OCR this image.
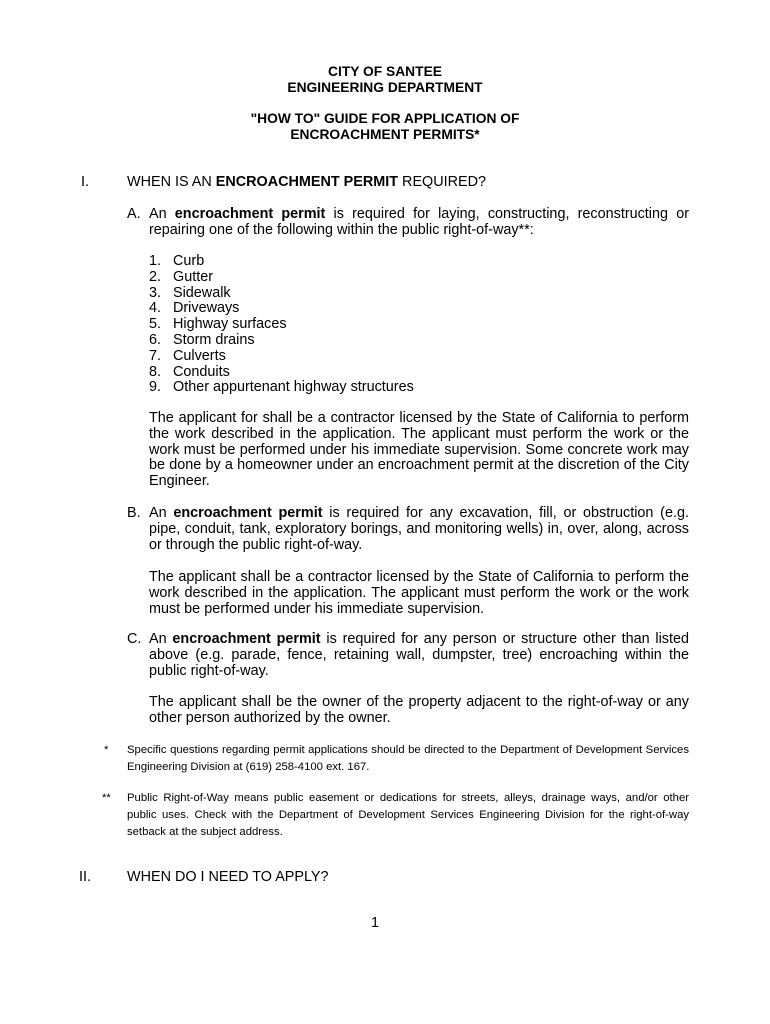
CITY OF SANTEE
ENGINEERING DEPARTMENT
"HOW TO" GUIDE FOR APPLICATION OF
ENCROACHMENT PERMITS*
I.	WHEN IS AN ENCROACHMENT PERMIT REQUIRED?
A. An encroachment permit is required for laying, constructing, reconstructing or repairing one of the following within the public right-of-way**:
1. Curb
2. Gutter
3. Sidewalk
4. Driveways
5. Highway surfaces
6. Storm drains
7. Culverts
8. Conduits
9. Other appurtenant highway structures
The applicant for shall be a contractor licensed by the State of California to perform the work described in the application. The applicant must perform the work or the work must be performed under his immediate supervision. Some concrete work may be done by a homeowner under an encroachment permit at the discretion of the City Engineer.
B. An encroachment permit is required for any excavation, fill, or obstruction (e.g. pipe, conduit, tank, exploratory borings, and monitoring wells) in, over, along, across or through the public right-of-way.
The applicant shall be a contractor licensed by the State of California to perform the work described in the application. The applicant must perform the work or the work must be performed under his immediate supervision.
C. An encroachment permit is required for any person or structure other than listed above (e.g. parade, fence, retaining wall, dumpster, tree) encroaching within the public right-of-way.
The applicant shall be the owner of the property adjacent to the right-of-way or any other person authorized by the owner.
* Specific questions regarding permit applications should be directed to the Department of Development Services Engineering Division at (619) 258-4100 ext. 167.
** Public Right-of-Way means public easement or dedications for streets, alleys, drainage ways, and/or other public uses. Check with the Department of Development Services Engineering Division for the right-of-way setback at the subject address.
II.	WHEN DO I NEED TO APPLY?
1
